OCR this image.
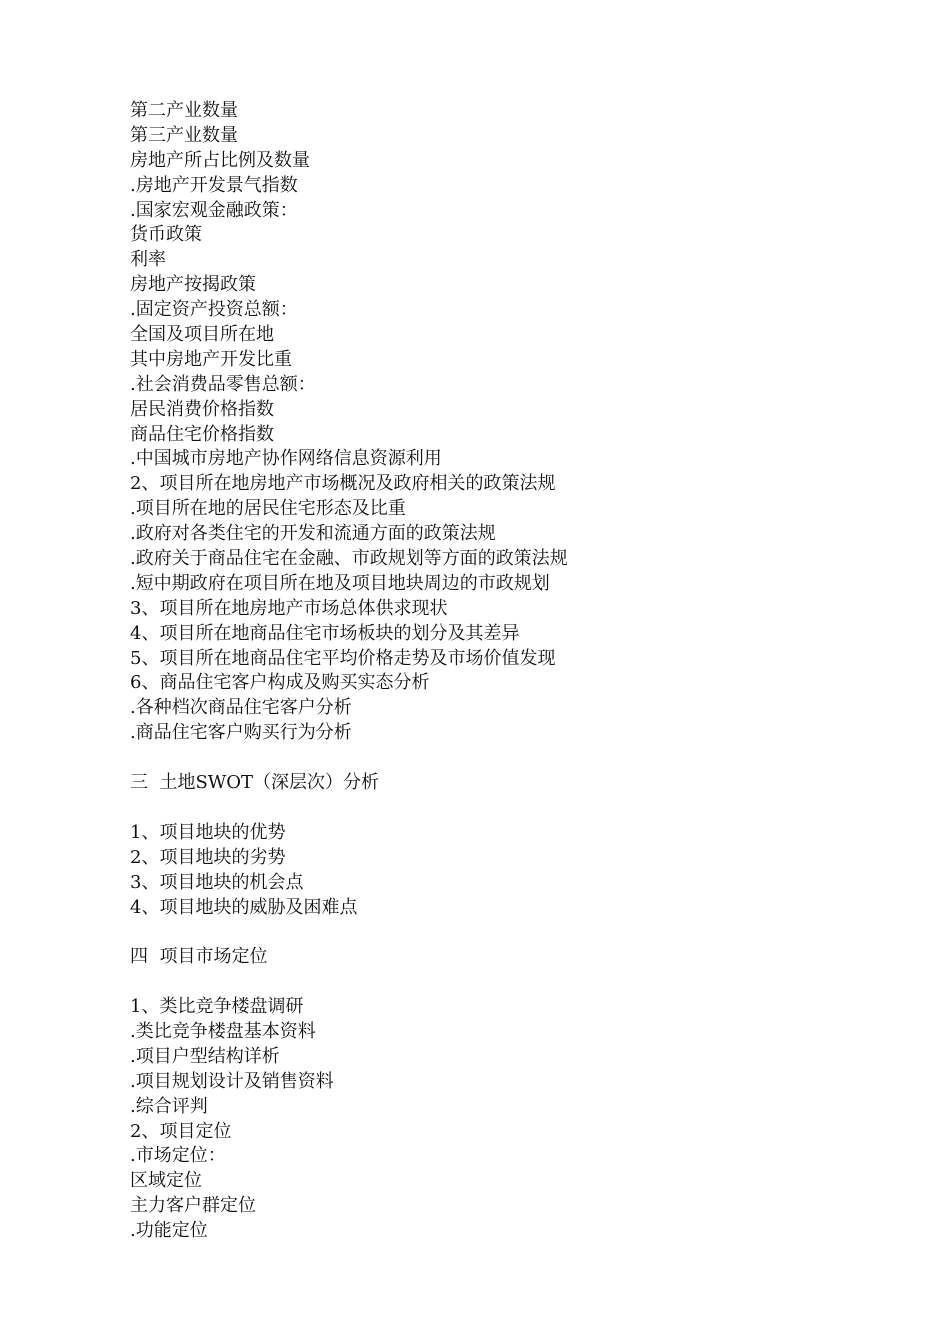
第二产业数量
第三产业数量
房地产所占比例及数量
.房地产开发景气指数
.国家宏观金融政策：
货币政策
利率
房地产按揭政策
.固定资产投资总额：
全国及项目所在地
其中房地产开发比重
.社会消费品零售总额：
居民消费价格指数
商品住宅价格指数
.中国城市房地产协作网络信息资源利用
2、项目所在地房地产市场概况及政府相关的政策法规
.项目所在地的居民住宅形态及比重
.政府对各类住宅的开发和流通方面的政策法规
.政府关于商品住宅在金融、市政规划等方面的政策法规
.短中期政府在项目所在地及项目地块周边的市政规划
3、项目所在地房地产市场总体供求现状
4、项目所在地商品住宅市场板块的划分及其差异
5、项目所在地商品住宅平均价格走势及市场价值发现
6、商品住宅客户构成及购买实态分析
.各种档次商品住宅客户分析
.商品住宅客户购买行为分析
三  土地SWOT（深层次）分析
1、项目地块的优势
2、项目地块的劣势
3、项目地块的机会点
4、项目地块的威胁及困难点
四  项目市场定位
1、类比竞争楼盘调研
.类比竞争楼盘基本资料
.项目户型结构详析
.项目规划设计及销售资料
.综合评判
2、项目定位
.市场定位：
区域定位
主力客户群定位
.功能定位
